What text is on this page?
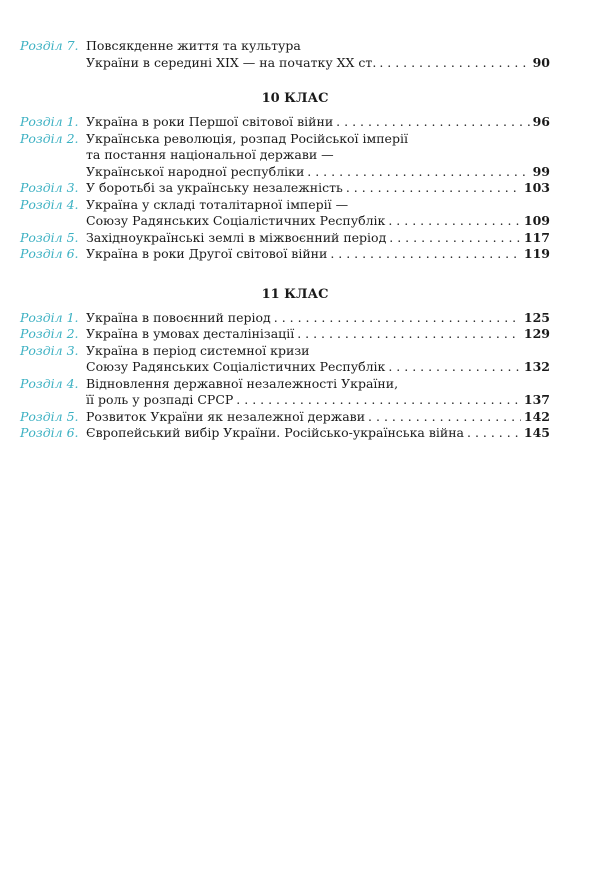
Розділ 7. Повсякденне життя та культура
України в середині XIX — на початку XX ст. . . .	90
10 КЛАС
Розділ 1. Україна в роки Першої світової війни . . .	96
Розділ 2. Українська революція, розпад Російської імперії
та постання національної держави —
Української народної республіки . . .	99
Розділ 3. У боротьбі за українську незалежність . . .	103
Розділ 4. Україна у складі тоталітарної імперії —
Союзу Радянських Соціалістичних Республік . . .	109
Розділ 5. Західноукраїнські землі в міжвоєнний період . . .	117
Розділ 6. Україна в роки Другої світової війни . . .	119
11 КЛАС
Розділ 1. Україна в повоєнний період . . .	125
Розділ 2. Україна в умовах десталінізації . . .	129
Розділ 3. Україна в період системної кризи
Союзу Радянських Соціалістичних Республік . . .	132
Розділ 4. Відновлення державної незалежності України,
її роль у розпаді СРСР . . .	137
Розділ 5. Розвиток України як незалежної держави . . .	142
Розділ 6. Європейський вибір України. Російсько-українська війна . . .	145
